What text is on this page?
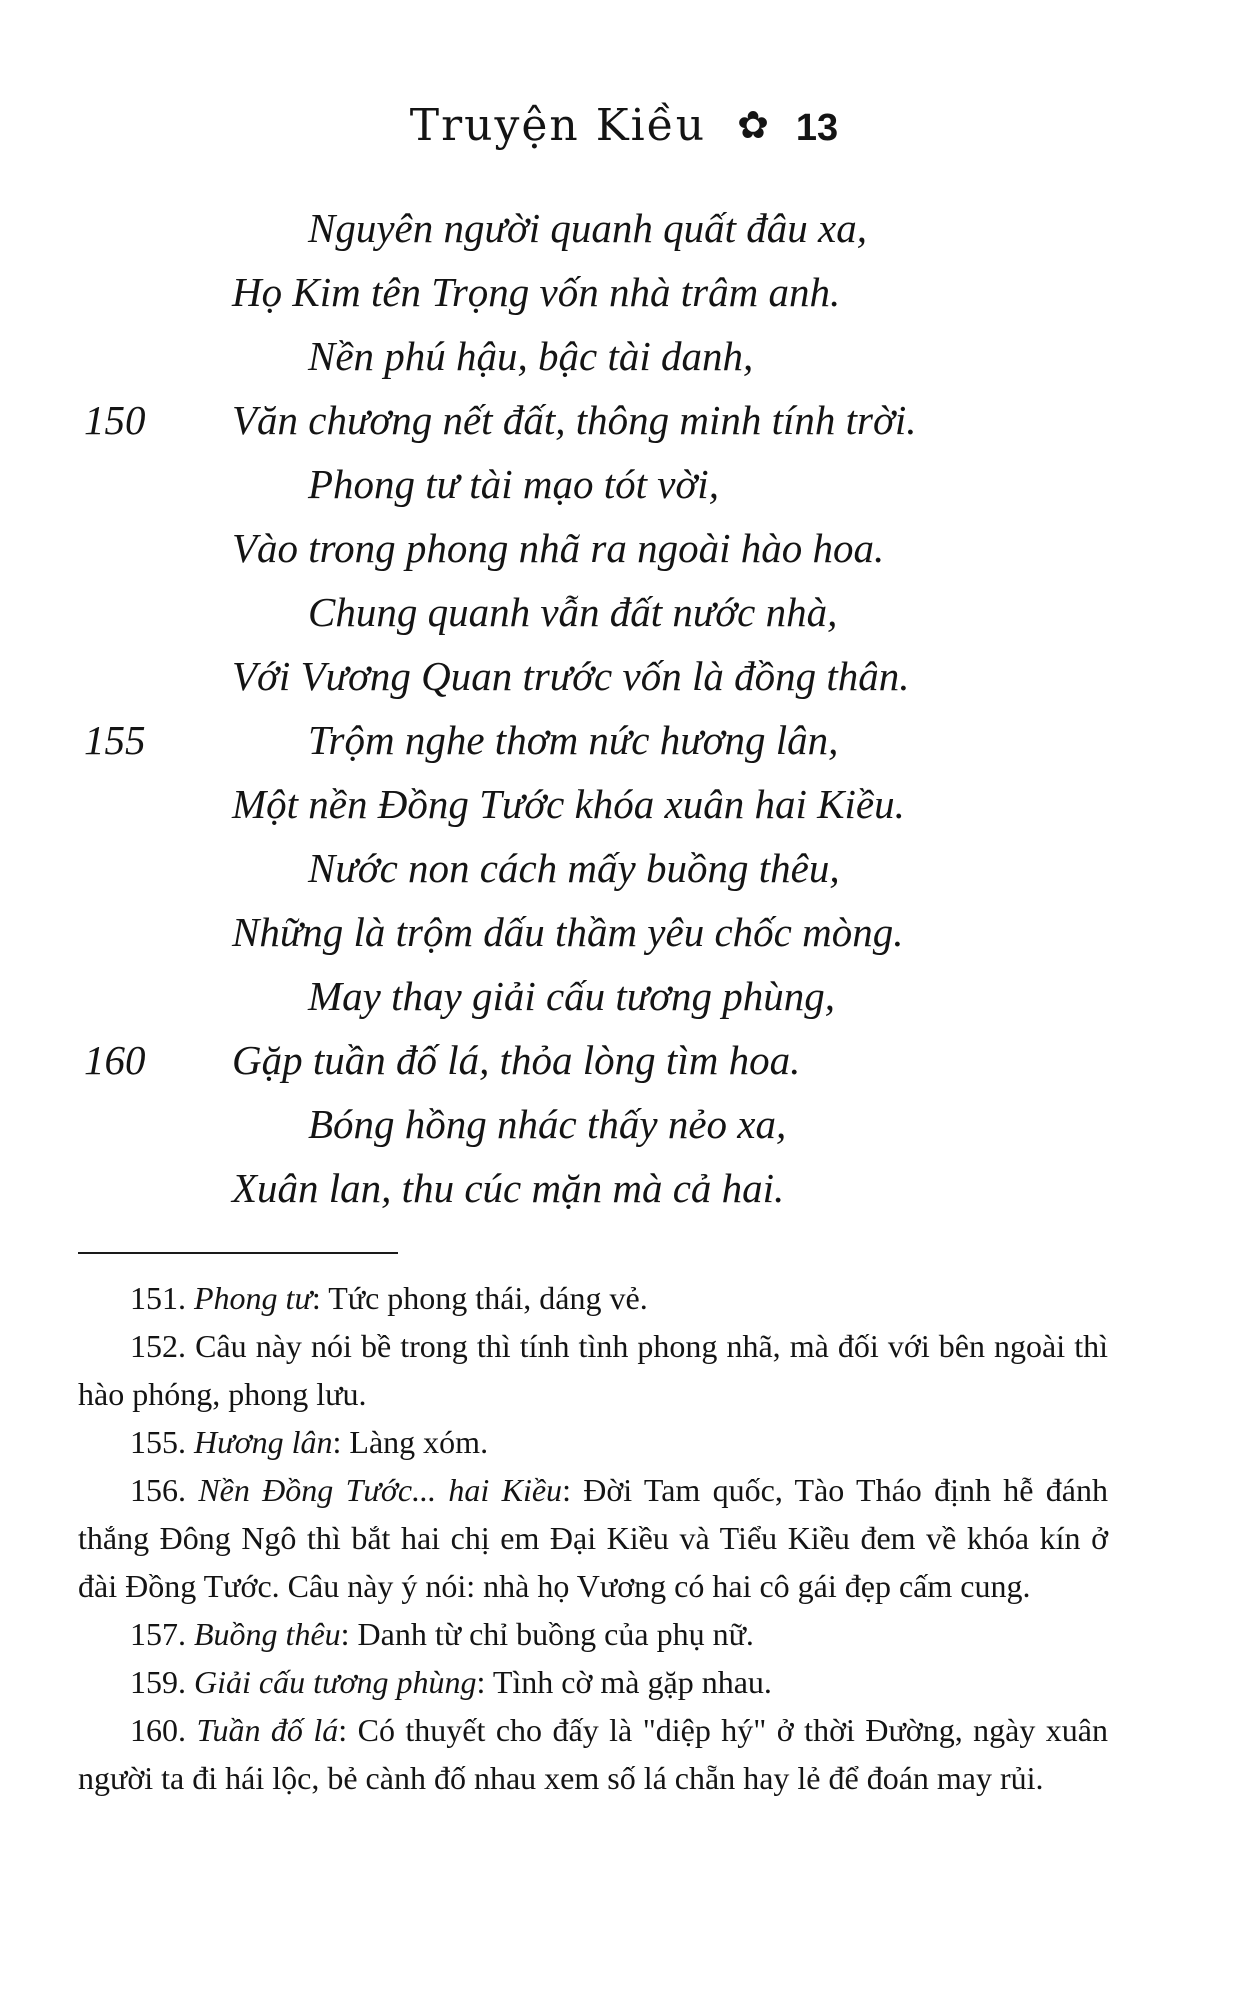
Truyện Kiều ✿ 13
Nguyên người quanh quất đâu xa,
Họ Kim tên Trọng vốn nhà trâm anh.
Nền phú hậu, bậc tài danh,
150 Văn chương nết đất, thông minh tính trời.
Phong tư tài mạo tót vời,
Vào trong phong nhã ra ngoài hào hoa.
Chung quanh vẫn đất nước nhà,
Với Vương Quan trước vốn là đồng thân.
155	Trộm nghe thơm nức hương lân,
Một nền Đồng Tước khóa xuân hai Kiều.
Nước non cách mấy buồng thêu,
Những là trộm dấu thầm yêu chốc mòng.
May thay giải cấu tương phùng,
160 Gặp tuần đố lá, thỏa lòng tìm hoa.
Bóng hồng nhác thấy nẻo xa,
Xuân lan, thu cúc mặn mà cả hai.
151. Phong tư: Tức phong thái, dáng vẻ.
152. Câu này nói bề trong thì tính tình phong nhã, mà đối với bên ngoài thì hào phóng, phong lưu.
155. Hương lân: Làng xóm.
156. Nền Đồng Tước... hai Kiều: Đời Tam quốc, Tào Tháo định hễ đánh thắng Đông Ngô thì bắt hai chị em Đại Kiều và Tiểu Kiều đem về khóa kín ở đài Đồng Tước. Câu này ý nói: nhà họ Vương có hai cô gái đẹp cấm cung.
157. Buồng thêu: Danh từ chỉ buồng của phụ nữ.
159. Giải cấu tương phùng: Tình cờ mà gặp nhau.
160. Tuần đố lá: Có thuyết cho đấy là "diệp hý" ở thời Đường, ngày xuân người ta đi hái lộc, bẻ cành đố nhau xem số lá chẵn hay lẻ để đoán may rủi.
